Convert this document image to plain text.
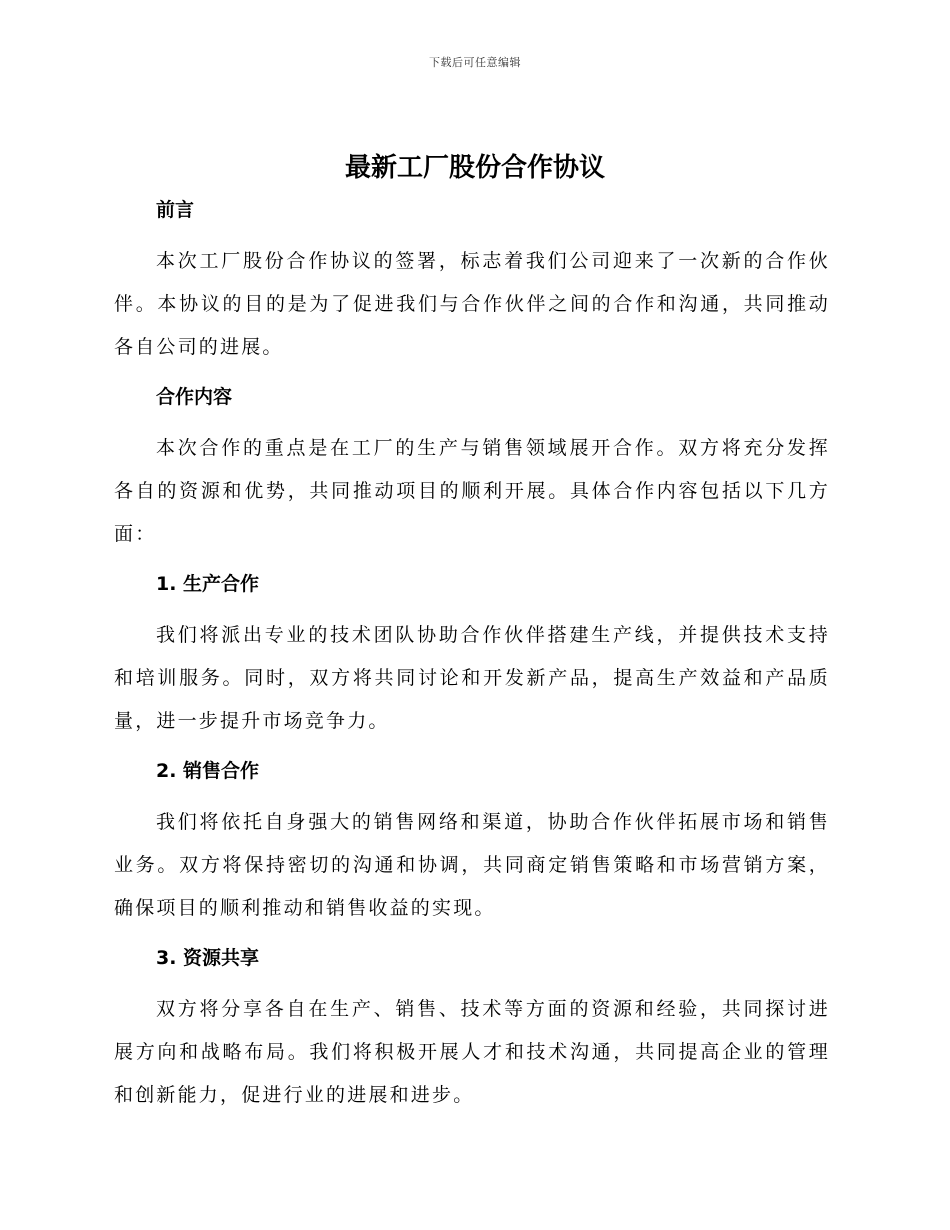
下载后可任意编辑
最新工厂股份合作协议
前言

本次工厂股份合作协议的签署，标志着我们公司迎来了一次新的合作伙伴。本协议的目的是为了促进我们与合作伙伴之间的合作和沟通，共同推动各自公司的进展。

合作内容

本次合作的重点是在工厂的生产与销售领域展开合作。双方将充分发挥各自的资源和优势，共同推动项目的顺利开展。具体合作内容包括以下几方面：

1. 生产合作

我们将派出专业的技术团队协助合作伙伴搭建生产线，并提供技术支持和培训服务。同时，双方将共同讨论和开发新产品，提高生产效益和产品质量，进一步提升市场竞争力。

2. 销售合作

我们将依托自身强大的销售网络和渠道，协助合作伙伴拓展市场和销售业务。双方将保持密切的沟通和协调，共同商定销售策略和市场营销方案，确保项目的顺利推动和销售收益的实现。

3. 资源共享

双方将分享各自在生产、销售、技术等方面的资源和经验，共同探讨进展方向和战略布局。我们将积极开展人才和技术沟通，共同提高企业的管理和创新能力，促进行业的进展和进步。
